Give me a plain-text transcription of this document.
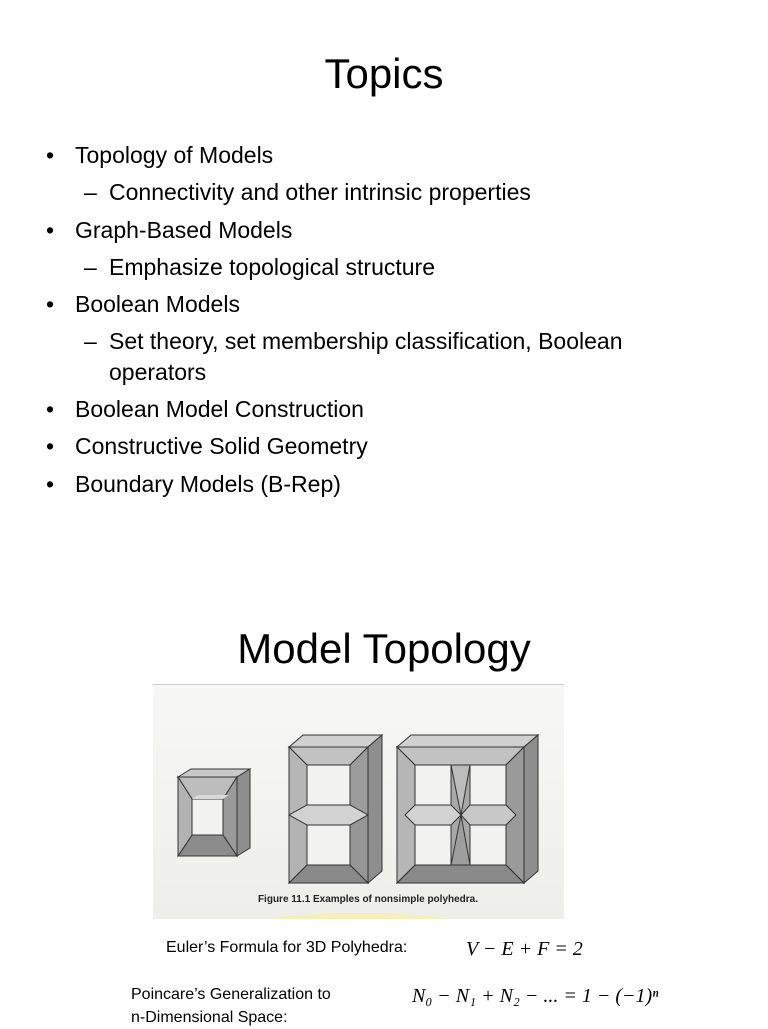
Topics
• Topology of Models
– Connectivity and other intrinsic properties
• Graph-Based Models
– Emphasize topological structure
• Boolean Models
– Set theory, set membership classification, Boolean operators
• Boolean Model Construction
• Constructive Solid Geometry
• Boundary Models (B-Rep)
Model Topology
Figure 11.1 Examples of nonsimple polyhedra.
Euler’s Formula for 3D Polyhedra:	V − E + F = 2
Poincare’s Generalization to
n-Dimensional Space:
N₀ − N₁ + N₂ − ... = 1 − (−1)ⁿ
